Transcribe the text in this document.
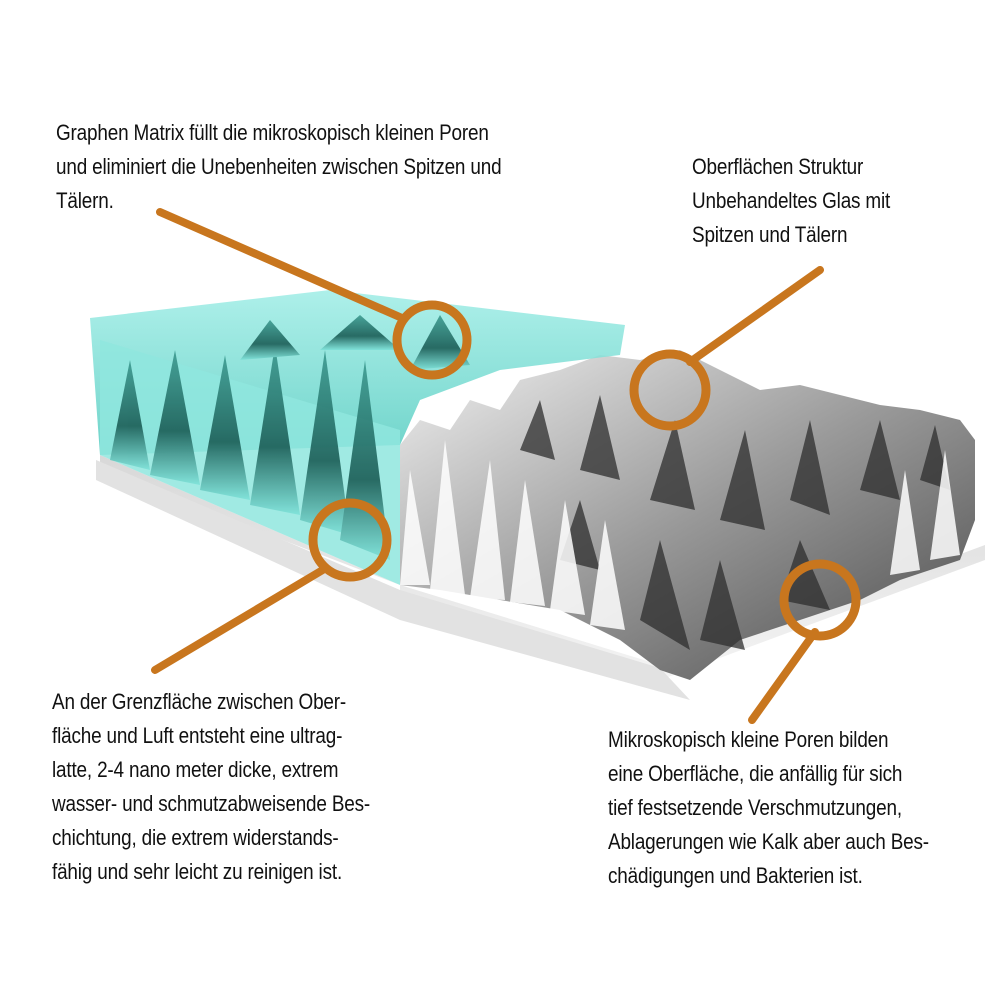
Graphen Matrix füllt die mikroskopisch kleinen Poren
und eliminiert die Unebenheiten zwischen Spitzen und
Tälern.
Oberflächen Struktur
Unbehandeltes Glas mit
Spitzen und Tälern
An der Grenzfläche zwischen Ober-
fläche und Luft entsteht eine ultrag-
latte, 2-4 nano meter dicke, extrem
wasser- und schmutzabweisende Bes-
chichtung, die extrem widerstands-
fähig und sehr leicht zu reinigen ist.
Mikroskopisch kleine Poren bilden
eine Oberfläche, die anfällig für sich
tief festsetzende Verschmutzungen,
Ablagerungen wie Kalk aber auch Bes-
chädigungen und Bakterien ist.
